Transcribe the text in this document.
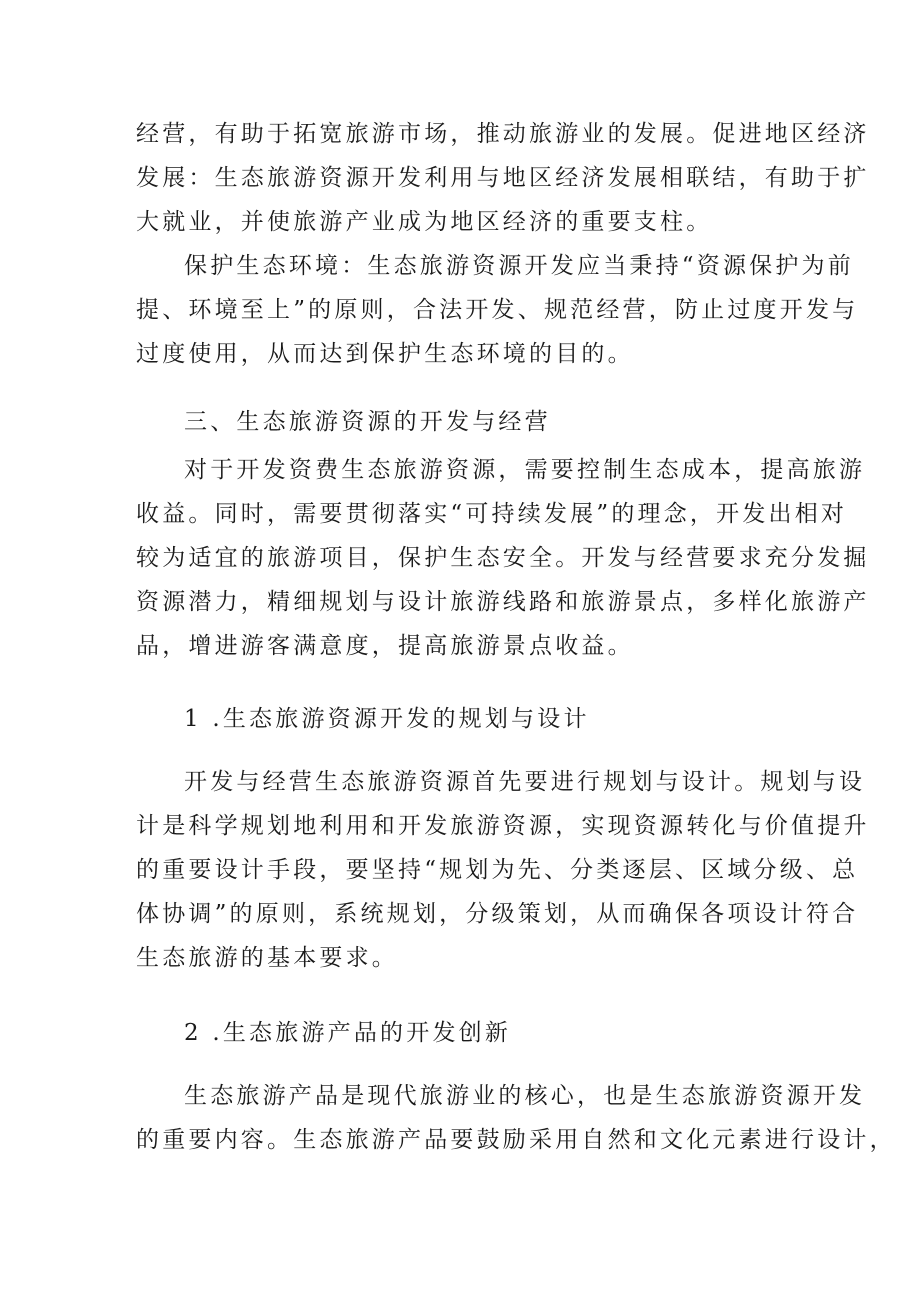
经营，有助于拓宽旅游市场，推动旅游业的发展。促进地区经济
发展：生态旅游资源开发利用与地区经济发展相联结，有助于扩
大就业，并使旅游产业成为地区经济的重要支柱。
保护生态环境：生态旅游资源开发应当秉持“资源保护为前
提、环境至上”的原则，合法开发、规范经营，防止过度开发与
过度使用，从而达到保护生态环境的目的。
三、生态旅游资源的开发与经营
对于开发资费生态旅游资源，需要控制生态成本，提高旅游
收益。同时，需要贯彻落实“可持续发展”的理念，开发出相对
较为适宜的旅游项目，保护生态安全。开发与经营要求充分发掘
资源潜力，精细规划与设计旅游线路和旅游景点，多样化旅游产
品，增进游客满意度，提高旅游景点收益。
1 .生态旅游资源开发的规划与设计
开发与经营生态旅游资源首先要进行规划与设计。规划与设
计是科学规划地利用和开发旅游资源，实现资源转化与价值提升
的重要设计手段，要坚持“规划为先、分类逐层、区域分级、总
体协调”的原则，系统规划，分级策划，从而确保各项设计符合
生态旅游的基本要求。
2 .生态旅游产品的开发创新
生态旅游产品是现代旅游业的核心，也是生态旅游资源开发
的重要内容。生态旅游产品要鼓励采用自然和文化元素进行设计，
